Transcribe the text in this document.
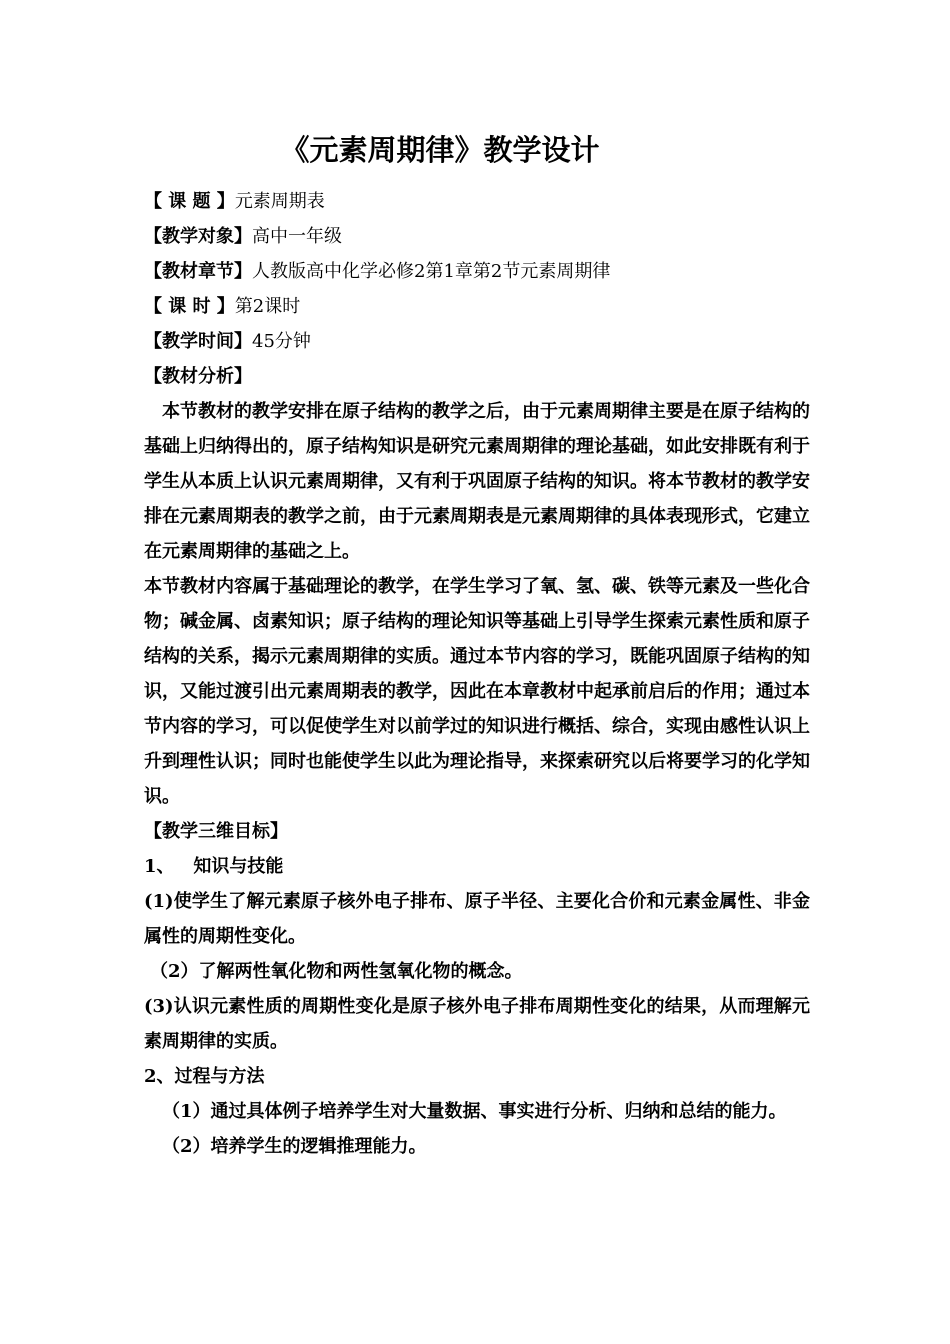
《元素周期律》教学设计
【 课 题 】元素周期表
【教学对象】高中一年级
【教材章节】人教版高中化学必修2第1章第2节元素周期律
【 课 时 】第2课时
【教学时间】45分钟
【教材分析】
本节教材的教学安排在原子结构的教学之后，由于元素周期律主要是在原子结构的基础上归纳得出的，原子结构知识是研究元素周期律的理论基础，如此安排既有利于学生从本质上认识元素周期律，又有利于巩固原子结构的知识。将本节教材的教学安排在元素周期表的教学之前，由于元素周期表是元素周期律的具体表现形式，它建立在元素周期律的基础之上。
本节教材内容属于基础理论的教学，在学生学习了氧、氢、碳、铁等元素及一些化合物；碱金属、卤素知识；原子结构的理论知识等基础上引导学生探索元素性质和原子结构的关系，揭示元素周期律的实质。通过本节内容的学习，既能巩固原子结构的知识，又能过渡引出元素周期表的教学，因此在本章教材中起承前启后的作用；通过本节内容的学习，可以促使学生对以前学过的知识进行概括、综合，实现由感性认识上升到理性认识；同时也能使学生以此为理论指导，来探索研究以后将要学习的化学知识。
【教学三维目标】
1、   知识与技能
(1)使学生了解元素原子核外电子排布、原子半径、主要化合价和元素金属性、非金属性的周期性变化。
（2）了解两性氧化物和两性氢氧化物的概念。
(3)认识元素性质的周期性变化是原子核外电子排布周期性变化的结果，从而理解元素周期律的实质。
2、过程与方法
（1）通过具体例子培养学生对大量数据、事实进行分析、归纳和总结的能力。
（2）培养学生的逻辑推理能力。
